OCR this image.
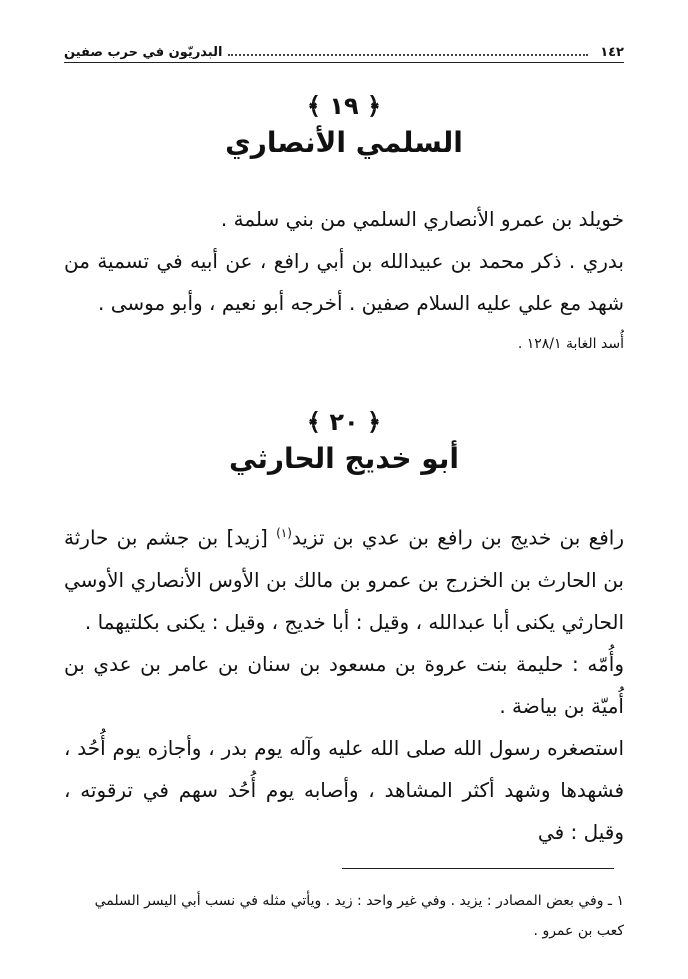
١٤٢
البدريّون في حرب صفين
﴿ ١٩ ﴾
السلمي الأنصاري

خويلد بن عمرو الأنصاري السلمي من بني سلمة .

بدري . ذكر محمد بن عبيدالله بن أبي رافع ، عن أبيه في تسمية من شهد مع علي عليه السلام صفين . أخرجه أبو نعيم ، وأبو موسى .

أُسد الغابة ١٢٨/١ .

﴿ ٢٠ ﴾
أبو خديج الحارثي

رافع بن خديج بن رافع بن عدي بن تزيد$^{(١)}$ [زيد] بن جشم بن حارثة بن الحارث بن الخزرج بن عمرو بن مالك بن الأوس الأنصاري الأوسي الحارثي يكنى أبا عبدالله ، وقيل : أبا خديج ، وقيل : يكنى بكلتيهما .

وأُمّه : حليمة بنت عروة بن مسعود بن سنان بن عامر بن عدي بن أُميّة بن بياضة .

استصغره رسول الله صلى الله عليه وآله يوم بدر ، وأجازه يوم أُحُد ، فشهدها وشهد أكثر المشاهد ، وأصابه يوم أُحُد سهم في ترقوته ، وقيل : في

١ ـ وفي بعض المصادر : يزيد . وفي غير واحد : زيد . ويأتي مثله في نسب أبي اليسر السلمي كعب بن عمرو .
